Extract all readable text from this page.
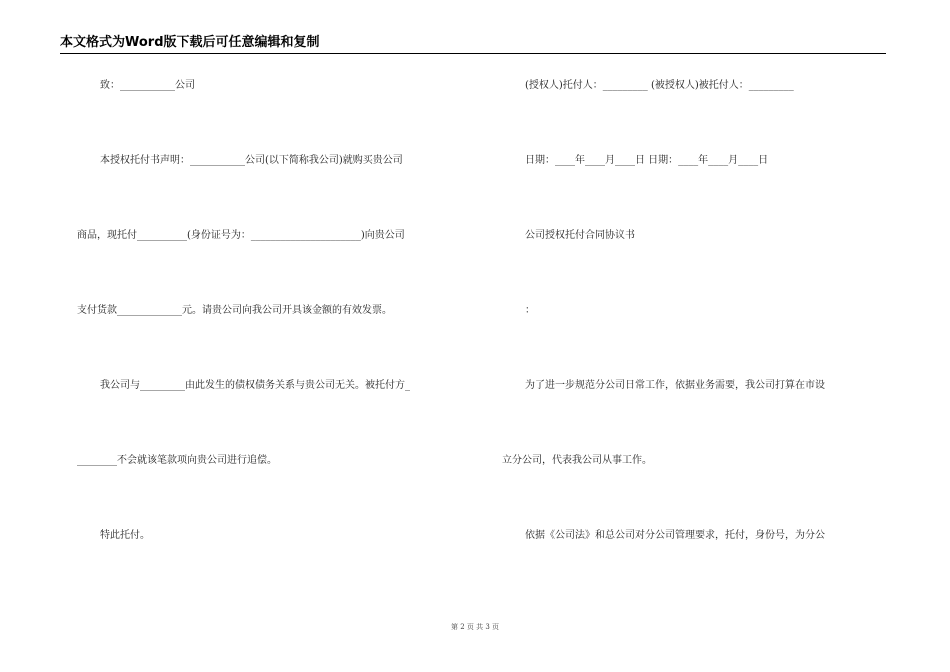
本文格式为Word版下载后可任意编辑和复制
致：___________公司
本授权托付书声明：___________公司(以下简称我公司)就购买贵公司
商品，现托付__________(身份证号为：______________________)向贵公司
支付货款_____________元。请贵公司向我公司开具该金额的有效发票。
我公司与_________由此发生的债权债务关系与贵公司无关。被托付方_
________不会就该笔款项向贵公司进行追偿。
特此托付。
(授权人)托付人：_________ (被授权人)被托付人：_________
日期：____年____月____日 日期：____年____月____日
公司授权托付合同协议书
：
为了进一步规范分公司日常工作，依据业务需要，我公司打算在市设
立分公司，代表我公司从事工作。
依据《公司法》和总公司对分公司管理要求，托付，身份号，为分公
第 2 页 共 3 页
